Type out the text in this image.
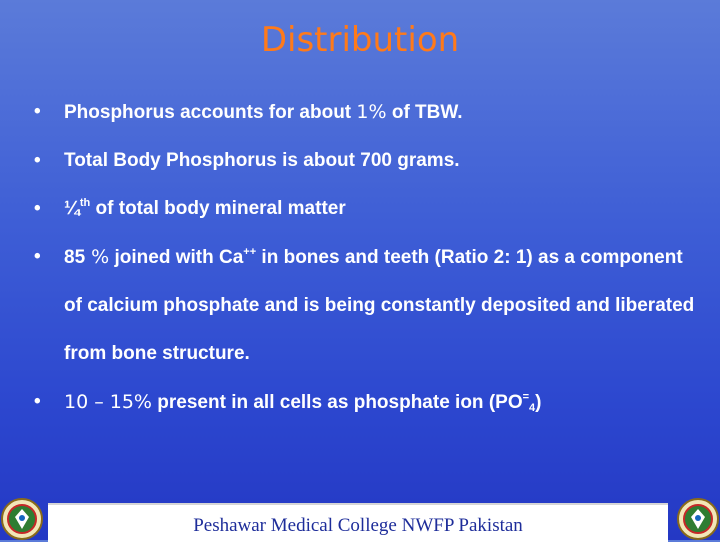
Distribution
• Phosphorus accounts for about 1% of TBW.
• Total Body Phosphorus is about 700 grams.
• ¼$^{th}$ of total body mineral matter
• 85 % joined with Ca++ in bones and teeth (Ratio 2: 1) as a component of calcium phosphate and is being constantly deposited and liberated from bone structure.
• 10 – 15% present in all cells as phosphate ion $(PO^=_4)$
Peshawar Medical College NWFP Pakistan
